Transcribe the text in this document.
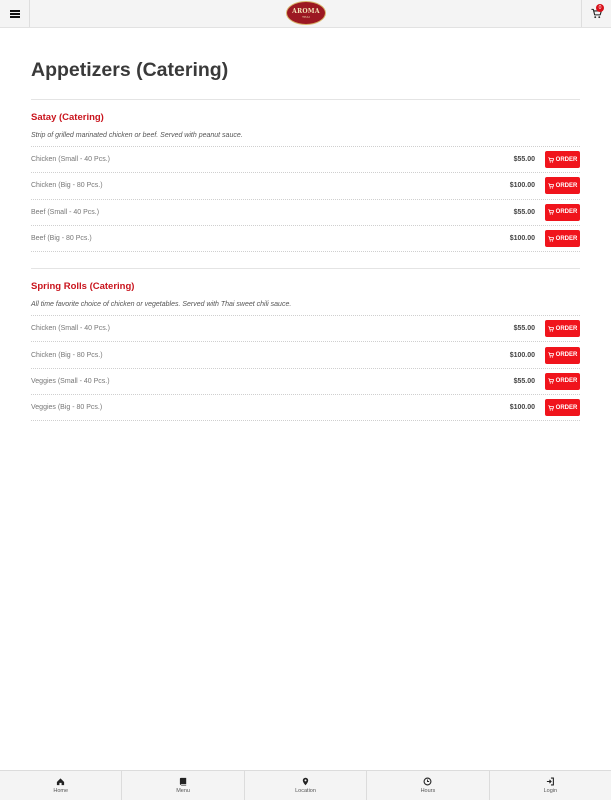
AROMA
THAI
0
Appetizers (Catering)
Satay (Catering)
Strip of grilled marinated chicken or beef. Served with peanut sauce.
Chicken (Small - 40 Pcs.)	$55.00	ORDER
Chicken (Big - 80 Pcs.)	$100.00	ORDER
Beef (Small - 40 Pcs.)	$55.00	ORDER
Beef (Big - 80 Pcs.)	$100.00	ORDER
Spring Rolls (Catering)
All time favorite choice of chicken or vegetables. Served with Thai sweet chili sauce.
Chicken (Small - 40 Pcs.)	$55.00	ORDER
Chicken (Big - 80 Pcs.)	$100.00	ORDER
Veggies (Small - 40 Pcs.)	$55.00	ORDER
Veggies (Big - 80 Pcs.)	$100.00	ORDER
Home	Menu	Location	Hours	Login
